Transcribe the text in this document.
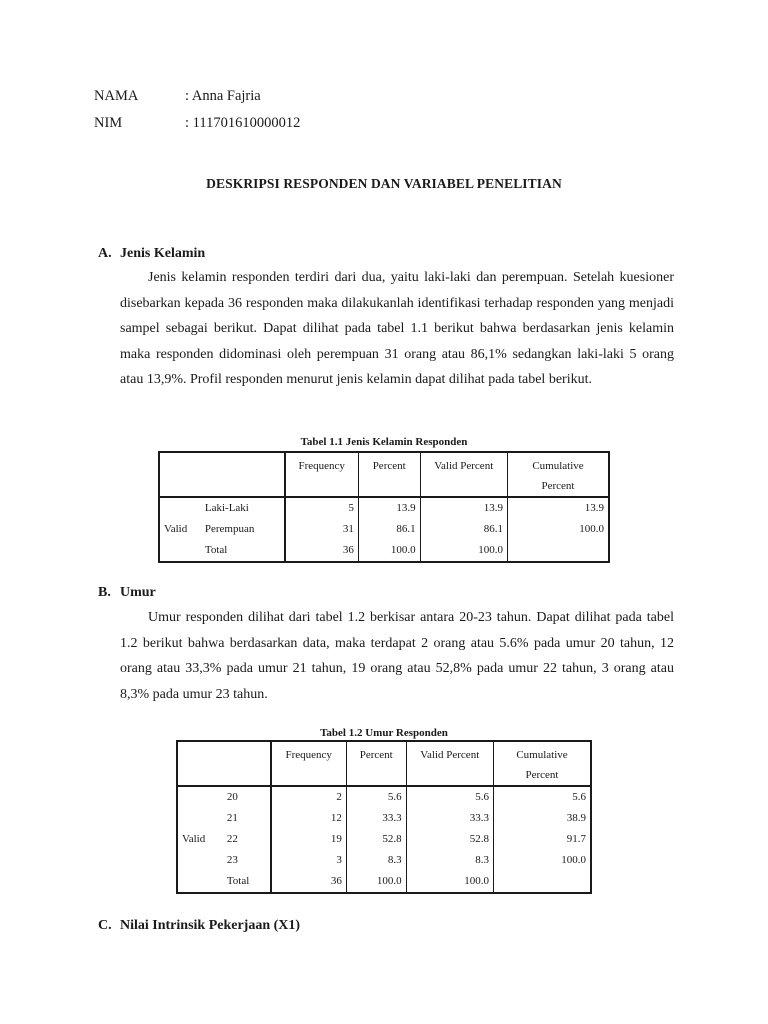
NAMA	: Anna Fajria
NIM	: 111701610000012
DESKRIPSI RESPONDEN DAN VARIABEL PENELITIAN
A. Jenis Kelamin

Jenis kelamin responden terdiri dari dua, yaitu laki-laki dan perempuan. Setelah kuesioner disebarkan kepada 36 responden maka dilakukanlah identifikasi terhadap responden yang menjadi sampel sebagai berikut. Dapat dilihat pada tabel 1.1 berikut bahwa berdasarkan jenis kelamin maka responden didominasi oleh perempuan 31 orang atau 86,1% sedangkan laki-laki 5 orang atau 13,9%. Profil responden menurut jenis kelamin dapat dilihat pada tabel berikut.

Tabel 1.1 Jenis Kelamin Responden
		Frequency	Percent	Valid Percent	Cumulative
Percent
Valid	Laki-Laki	5	13.9	13.9	13.9
	Perempuan	31	86.1	86.1	100.0
	Total	36	100.0	100.0	
B. Umur

Umur responden dilihat dari tabel 1.2 berkisar antara 20-23 tahun. Dapat dilihat pada tabel 1.2 berikut bahwa berdasarkan data, maka terdapat 2 orang atau 5.6% pada umur 20 tahun, 12 orang atau 33,3% pada umur 21 tahun, 19 orang atau 52,8% pada umur 22 tahun, 3 orang atau 8,3% pada umur 23 tahun.

Tabel 1.2 Umur Responden
		Frequency	Percent	Valid Percent	Cumulative
Percent
Valid	20	2	5.6	5.6	5.6
	21	12	33.3	33.3	38.9
	22	19	52.8	52.8	91.7
	23	3	8.3	8.3	100.0
	Total	36	100.0	100.0	
C. Nilai Intrinsik Pekerjaan (X1)
